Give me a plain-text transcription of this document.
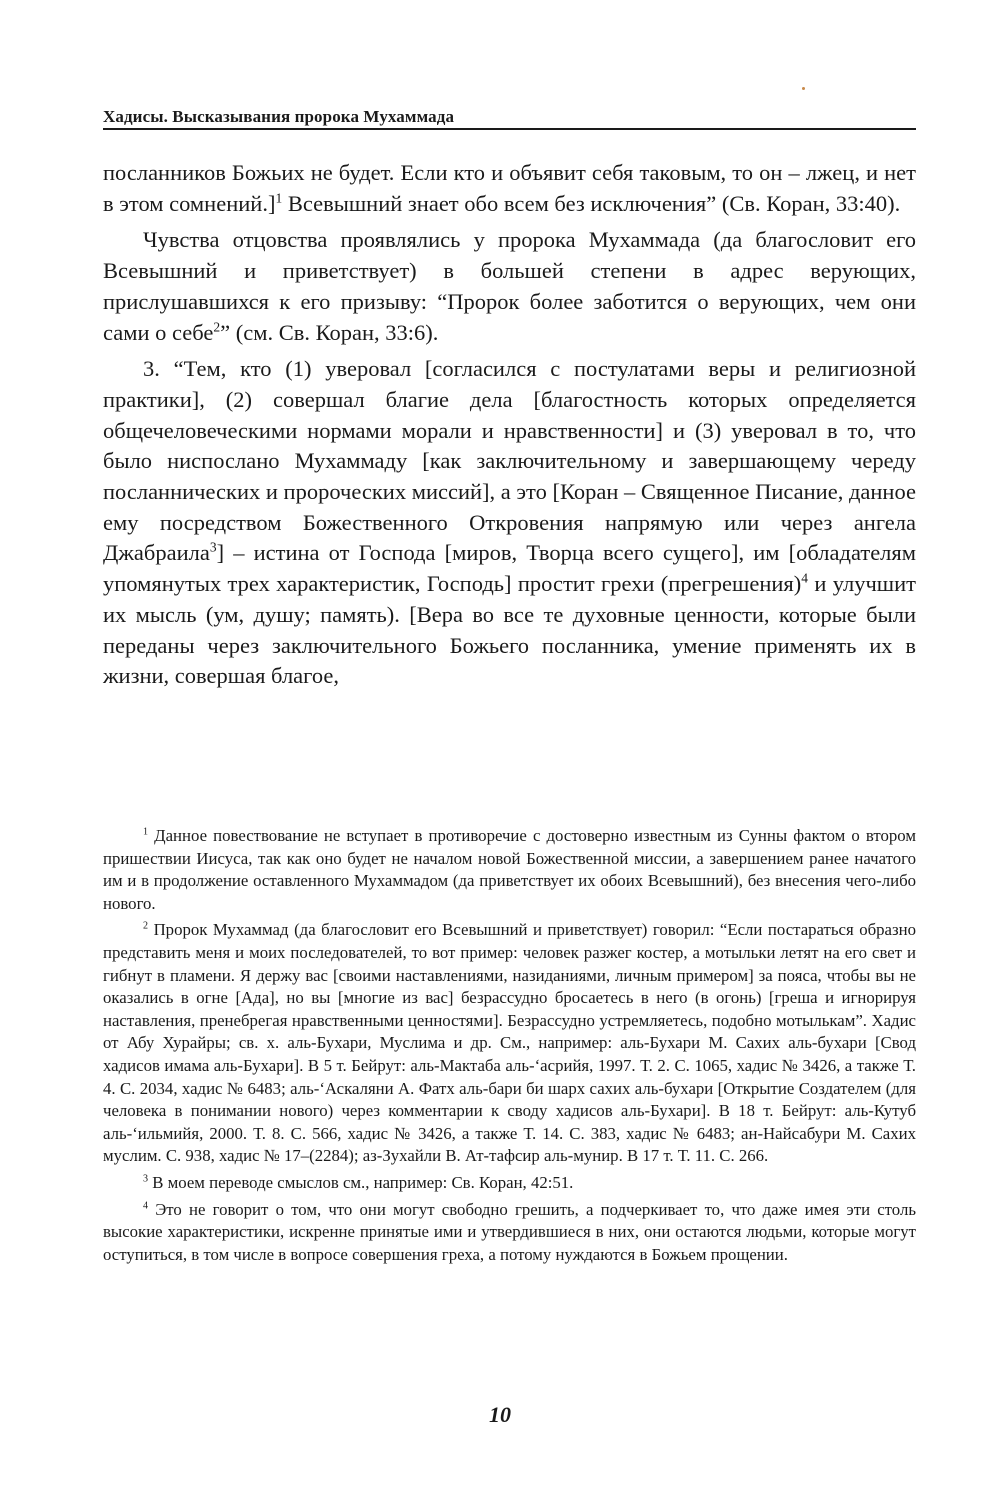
Хадисы. Высказывания пророка Мухаммада

посланников Божьих не будет. Если кто и объявит себя таковым, то он – лжец, и нет в этом сомнений.]$^1$ Всевышний знает обо всем без исключения” (Св. Коран, 33:40).

Чувства отцовства проявлялись у пророка Мухаммада (да благословит его Всевышний и приветствует) в большей степени в адрес верующих, прислушавшихся к его призыву: “Пророк более заботится о верующих, чем они сами о себе$^2$” (см. Св. Коран, 33:6).

3. “Тем, кто (1) уверовал [согласился с постулатами веры и религиозной практики], (2) совершал благие дела [благостность которых определяется общечеловеческими нормами морали и нравственности] и (3) уверовал в то, что было ниспослано Мухаммаду [как заключительному и завершающему череду посланнических и пророческих миссий], а это [Коран – Священное Писание, данное ему посредством Божественного Откровения напрямую или через ангела Джабраила$^3$] – истина от Господа [миров, Творца всего сущего], им [обладателям упомянутых трех характеристик, Господь] простит грехи (прегрешения)$^4$ и улучшит их мысль (ум, душу; память). [Вера во все те духовные ценности, которые были переданы через заключительного Божьего посланника, умение применять их в жизни, совершая благое,

$^1$ Данное повествование не вступает в противоречие с достоверно известным из Сунны фактом о втором пришествии Иисуса, так как оно будет не началом новой Божественной миссии, а завершением ранее начатого им и в продолжение оставленного Мухаммадом (да приветствует их обоих Всевышний), без внесения чего-либо нового.

$^2$ Пророк Мухаммад (да благословит его Всевышний и приветствует) говорил: “Если постараться образно представить меня и моих последователей, то вот пример: человек разжег костер, а мотыльки летят на его свет и гибнут в пламени. Я держу вас [своими наставлениями, назиданиями, личным примером] за пояса, чтобы вы не оказались в огне [Ада], но вы [многие из вас] безрассудно бросаетесь в него (в огонь) [греша и игнорируя наставления, пренебрегая нравственными ценностями]. Безрассудно устремляетесь, подобно мотылькам”. Хадис от Абу Хурайры; св. х. аль-Бухари, Муслима и др. См., например: аль-Бухари М. Сахих аль-бухари [Свод хадисов имама аль-Бухари]. В 5 т. Бейрут: аль-Мактаба аль-‘асрийя, 1997. Т. 2. С. 1065, хадис № 3426, а также Т. 4. С. 2034, хадис № 6483; аль-‘Аскаляни А. Фатх аль-бари би шарх сахих аль-бухари [Открытие Создателем (для человека в понимании нового) через комментарии к своду хадисов аль-Бухари]. В 18 т. Бейрут: аль-Кутуб аль-‘ильмийя, 2000. Т. 8. С. 566, хадис № 3426, а также Т. 14. С. 383, хадис № 6483; ан-Найсабури М. Сахих муслим. С. 938, хадис № 17–(2284); аз-Зухайли В. Ат-тафсир аль-мунир. В 17 т. Т. 11. С. 266.

$^3$ В моем переводе смыслов см., например: Св. Коран, 42:51.

$^4$ Это не говорит о том, что они могут свободно грешить, а подчеркивает то, что даже имея эти столь высокие характеристики, искренне принятые ими и утвердившиеся в них, они остаются людьми, которые могут оступиться, в том числе в вопросе совершения греха, а потому нуждаются в Божьем прощении.

10
